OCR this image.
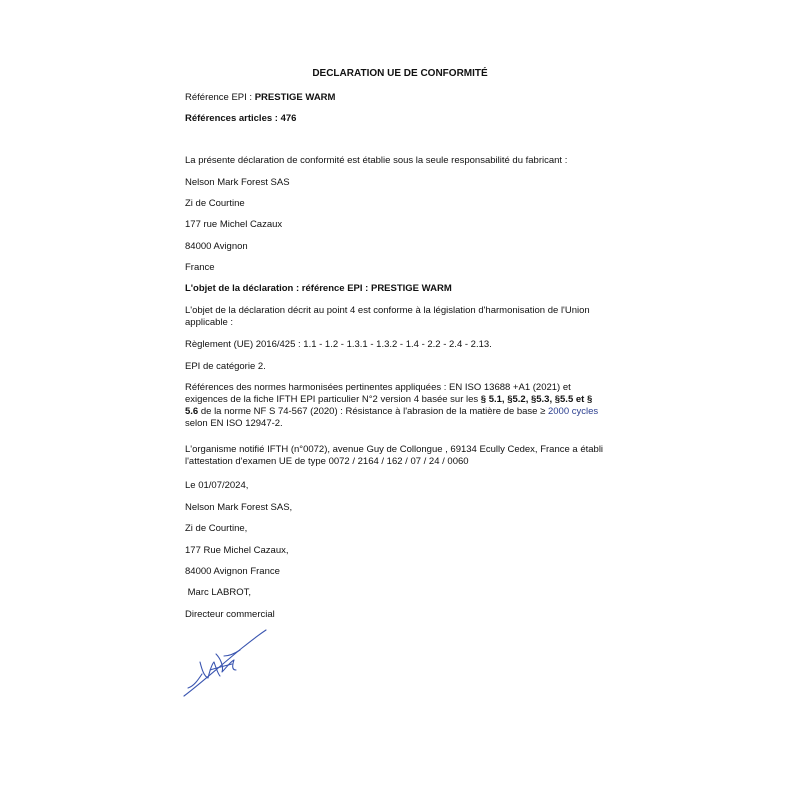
DECLARATION UE DE CONFORMITÉ
Référence EPI : PRESTIGE WARM
Références articles : 476
La présente déclaration de conformité est établie sous la seule responsabilité du fabricant :
Nelson Mark Forest SAS
Zi de Courtine
177 rue Michel Cazaux
84000 Avignon
France
L'objet de la déclaration : référence EPI : PRESTIGE WARM
L'objet de la déclaration décrit au point 4 est conforme à la législation d'harmonisation de l'Union applicable :
Règlement (UE) 2016/425 : 1.1 - 1.2 - 1.3.1 - 1.3.2 - 1.4 - 2.2 - 2.4 - 2.13.
EPI de catégorie 2.
Références des normes harmonisées pertinentes appliquées : EN ISO 13688 +A1 (2021) et exigences de la fiche IFTH EPI particulier N°2 version 4 basée sur les § 5.1, §5.2, §5.3, §5.5 et § 5.6 de la norme NF S 74-567 (2020) : Résistance à l'abrasion de la matière de base ≥ 2000 cycles selon EN ISO 12947-2.
L'organisme notifié IFTH (n°0072), avenue Guy de Collongue , 69134 Ecully Cedex, France a établi l'attestation d'examen UE de type 0072 / 2164 / 162 / 07 / 24 / 0060
Le 01/07/2024,
Nelson Mark Forest SAS,
Zi de Courtine,
177 Rue Michel Cazaux,
84000 Avignon France
Marc LABROT,
Directeur commercial
